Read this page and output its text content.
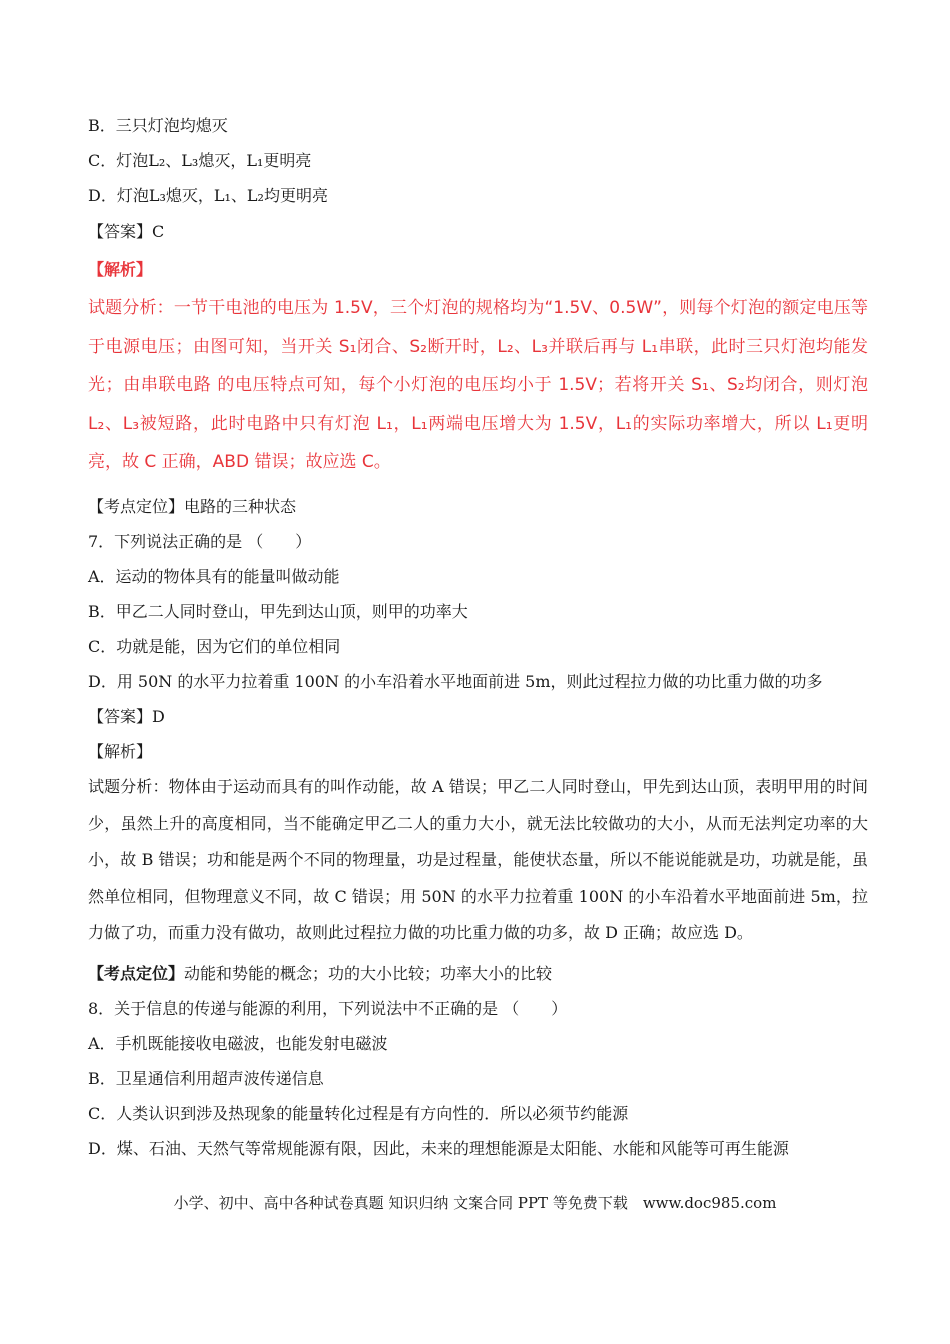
B．三只灯泡均熄灭
C．灯泡L₂、L₃熄灭，L₁更明亮
D．灯泡L₃熄灭，L₁、L₂均更明亮
【答案】C
【解析】
试题分析：一节干电池的电压为 1.5V，三个灯泡的规格均为“1.5V、0.5W”，则每个灯泡的额定电压等于电源电压；由图可知，当开关 S₁闭合、S₂断开时，L₂、L₃并联后再与 L₁串联，此时三只灯泡均能发光；由串联电路 的电压特点可知，每个小灯泡的电压均小于 1.5V；若将开关 S₁、S₂均闭合，则灯泡 L₂、L₃被短路，此时电路中只有灯泡 L₁，L₁两端电压增大为 1.5V，L₁的实际功率增大，所以 L₁更明亮，故 C 正确，ABD 错误；故应选 C。
【考点定位】电路的三种状态
7．下列说法正确的是 （　　）
A．运动的物体具有的能量叫做动能
B．甲乙二人同时登山，甲先到达山顶，则甲的功率大
C．功就是能，因为它们的单位相同
D．用 50N 的水平力拉着重 100N 的小车沿着水平地面前进 5m，则此过程拉力做的功比重力做的功多
【答案】D
【解析】
试题分析：物体由于运动而具有的叫作动能，故 A 错误；甲乙二人同时登山，甲先到达山顶，表明甲用的时间少，虽然上升的高度相同，当不能确定甲乙二人的重力大小，就无法比较做功的大小，从而无法判定功率的大小，故 B 错误；功和能是两个不同的物理量，功是过程量，能使状态量，所以不能说能就是功，功就是能，虽然单位相同，但物理意义不同，故 C 错误；用 50N 的水平力拉着重 100N 的小车沿着水平地面前进 5m，拉力做了功，而重力没有做功，故则此过程拉力做的功比重力做的功多，故 D 正确；故应选 D。
【考点定位】动能和势能的概念；功的大小比较；功率大小的比较
8．关于信息的传递与能源的利用，下列说法中不正确的是 （　　）
A．手机既能接收电磁波，也能发射电磁波
B．卫星通信利用超声波传递信息
C．人类认识到涉及热现象的能量转化过程是有方向性的．所以必须节约能源
D．煤、石油、天然气等常规能源有限，因此，未来的理想能源是太阳能、水能和风能等可再生能源
小学、初中、高中各种试卷真题 知识归纳 文案合同 PPT 等免费下载　www.doc985.com
